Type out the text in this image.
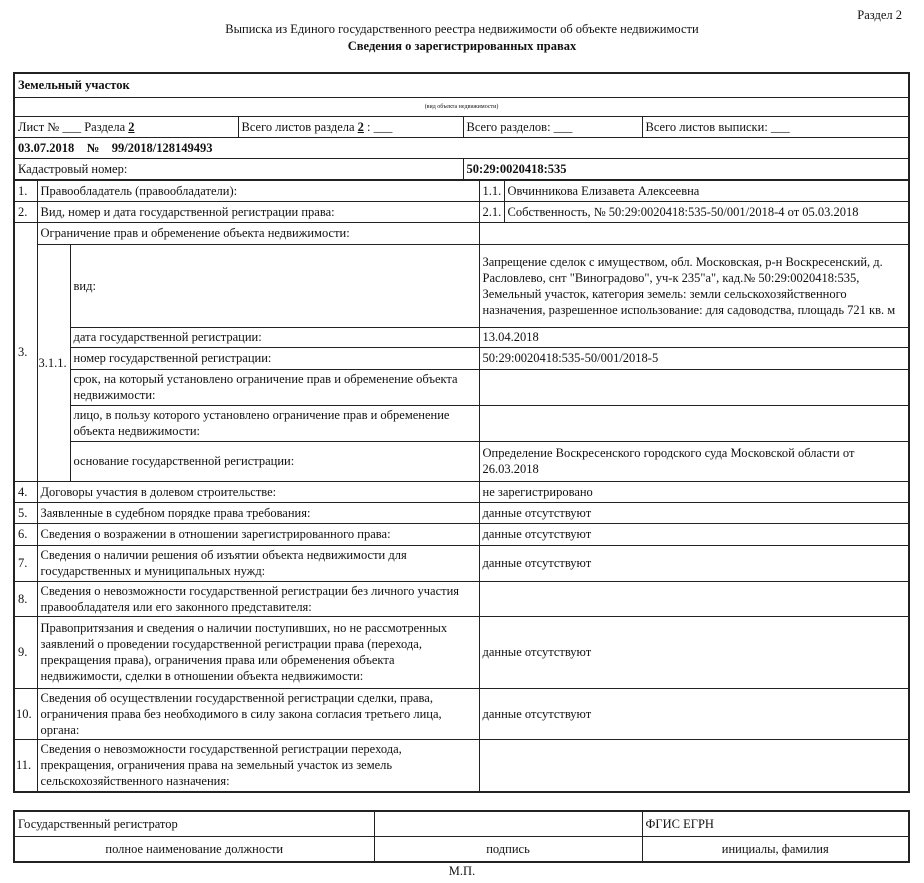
Раздел 2
Выписка из Единого государственного реестра недвижимости об объекте недвижимости
Сведения о зарегистрированных правах
Земельный участок			
(вид объекта недвижимости)			
Лист № ___ Раздела 2	Всего листов раздела 2 : ___	Всего разделов: ___	Всего листов выписки: ___
03.07.2018    №    99/2018/128149493			
Кадастровый номер:		50:29:0020418:535	
1.	Правообладатель (правообладатели):		1.1.	Овчинникова Елизавета Алексеевна
2.	Вид, номер и дата государственной регистрации права:		2.1.	Собственность, № 50:29:0020418:535-50/001/2018-4 от 05.03.2018
3.	Ограничение прав и обременение объекта недвижимости:			
	3.1.1.	вид:	Запрещение сделок с имуществом, обл. Московская, р-н Воскресенский, д. Расловлево, снт "Виноградово", уч-к 235"а", кад.№ 50:29:0020418:535, Земельный участок, категория земель: земли сельскохозяйственного назначения, разрешенное использование: для садоводства, площадь 721 кв. м	
		дата государственной регистрации:	13.04.2018	
		номер государственной регистрации:	50:29:0020418:535-50/001/2018-5	
		срок, на который установлено ограничение прав и обременение объекта недвижимости:		
		лицо, в пользу которого установлено ограничение прав и обременение объекта недвижимости:		
		основание государственной регистрации:	Определение Воскресенского городского суда Московской области от 26.03.2018	
4.	Договоры участия в долевом строительстве:		не зарегистрировано	
5.	Заявленные в судебном порядке права требования:		данные отсутствуют	
6.	Сведения о возражении в отношении зарегистрированного права:		данные отсутствуют	
7.	Сведения о наличии решения об изъятии объекта недвижимости для государственных и муниципальных нужд:		данные отсутствуют	
8.	Сведения о невозможности государственной регистрации без личного участия правообладателя или его законного представителя:			
9.	Правопритязания и сведения о наличии поступивших, но не рассмотренных заявлений о проведении государственной регистрации права (перехода, прекращения права), ограничения права или обременения объекта недвижимости, сделки в отношении объекта недвижимости:		данные отсутствуют	
10.	Сведения об осуществлении государственной регистрации сделки, права, ограничения права без необходимого в силу закона согласия третьего лица, органа:		данные отсутствуют	
11.	Сведения о невозможности государственной регистрации перехода, прекращения, ограничения права на земельный участок из земель сельскохозяйственного назначения:			
Государственный регистратор		ФГИС ЕГРН
полное наименование должности	подпись	инициалы, фамилия
М.П.
